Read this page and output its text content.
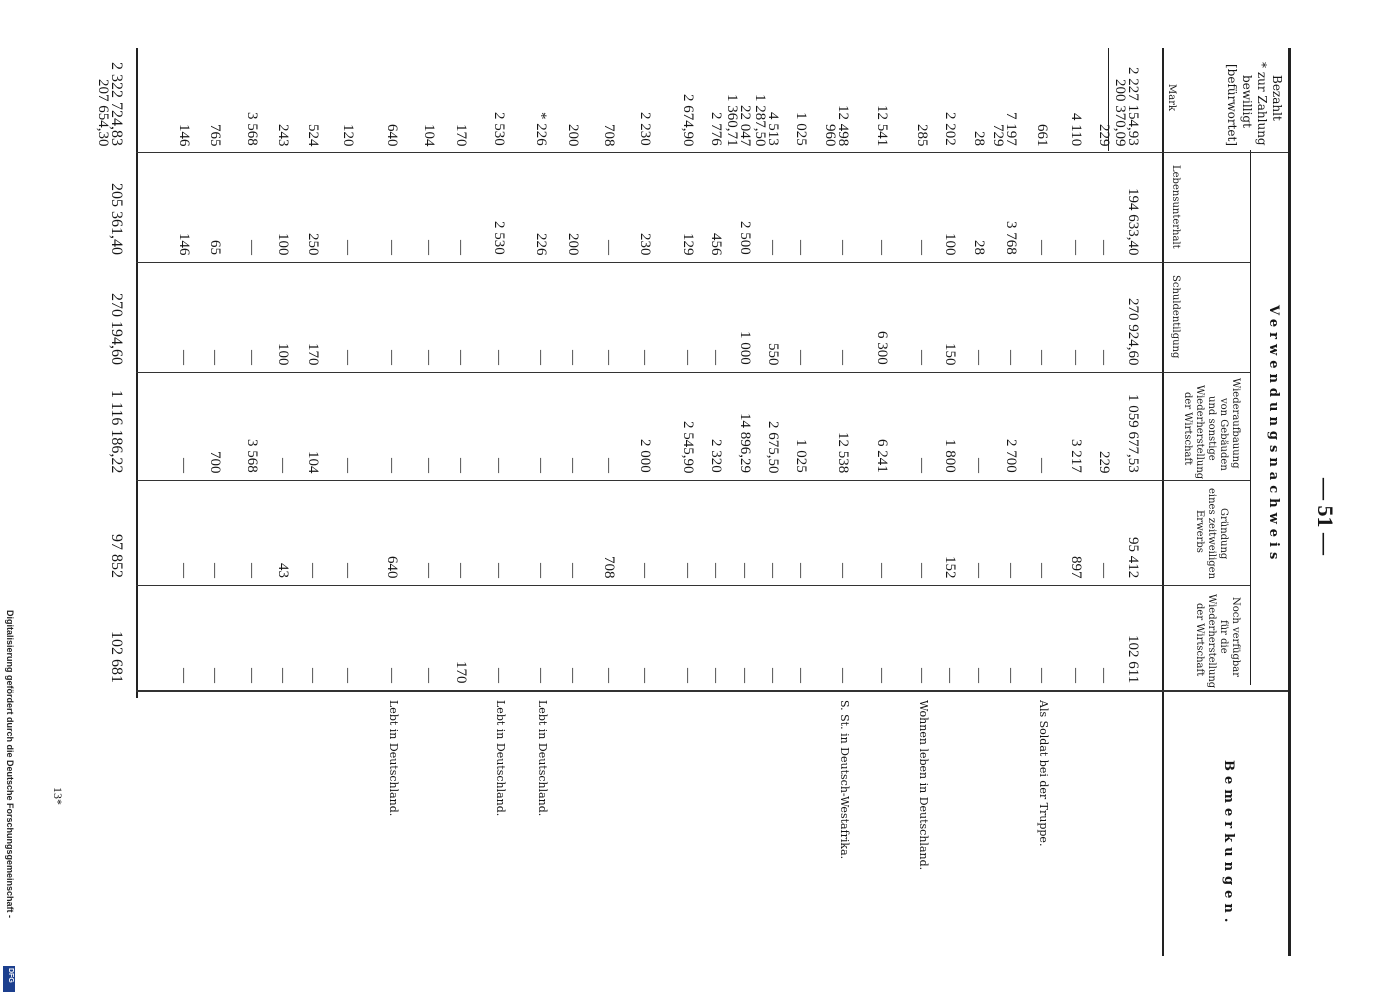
— 51 —
Bezahlt
* zur Zahlung
bewilligt
[befürwortet]
Mark
Verwendungsnachweis
Lebensunterhalt
Schuldentilgung
Wiederaufbauung
von Gebäuden
und sonstige
Wiederherstellung
der Wirtschaft
Gründung
eines zeitweiligen
Erwerbs
Noch verfügbar
für die
Wiederherstellung
der Wirtschaft
Bemerkungen.
2 227 154,93
194 633,40
270 924,60
1 059 677,53
95 412
102 611
200 370,09
229
—
—
229
—
—
4 110
—
—
3 217
897
—
661
—
—
—
—
—
Als Soldat bei der Truppe.
7 197
3 768
—
2 700
—
—
729
28
28
—
—
—
—
2 202
100
150
1 800
152
—
285
—
—
—
—
—
Wohnen leben in Deutschland.
12 541
—
6 300
6 241
—
—
12 498
—
—
12 538
—
—
960
S. St. in Deutsch-Westafrika.
1 025
—
—
1 025
—
—
4 513
—
550
2 675,50
—
—
1 287,50
22 047
2 500
1 000
14 896,29
—
—
1 360,71
2 776
456
—
2 320
—
—
2 674,90
129
—
2 545,90
—
—
2 230
230
—
2 000
—
—
708
—
—
—
708
—
200
200
—
—
—
—
* 226
226
—
—
—
—
Lebt in Deutschland.
2 530
2 530
—
—
—
—
Lebt in Deutschland.
170
—
—
—
—
170
104
—
—
—
—
—
640
—
—
—
640
—
Lebt in Deutschland.
120
—
—
—
—
—
524
250
170
104
—
—
243
100
100
—
43
—
3 568
—
—
3 568
—
—
765
65
—
700
—
—
146
146
—
—
—
—
2 322 724,83
205 361,40
270 194,60
1 116 186,22
97 852
102 681
207 654,30
13*
Digitalisierung gefördert durch die Deutsche Forschungsgemeinschaft -
DFG
